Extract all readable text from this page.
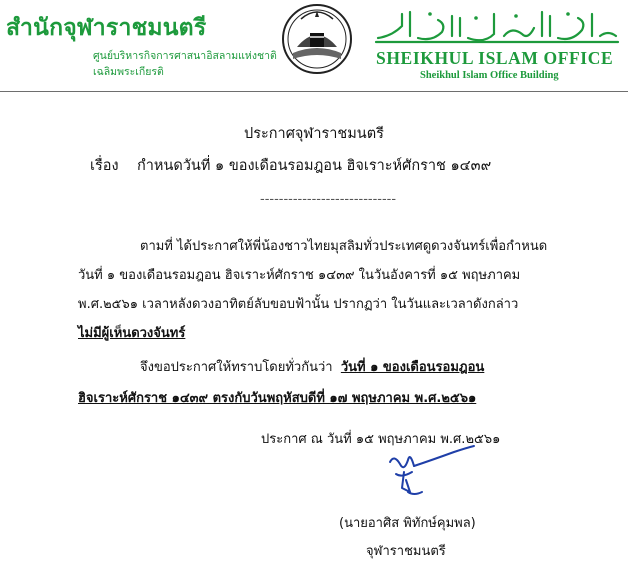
สำนักจุฬาราชมนตรี
ศูนย์บริหารกิจการศาสนาอิสลามแห่งชาติ
เฉลิมพระเกียรติ
SHEIKHUL ISLAM OFFICE
Sheikhul Islam Office Building
ประกาศจุฬาราชมนตรี
เรื่อง กำหนดวันที่ ๑ ของเดือนรอมฎอน ฮิจเราะห์ศักราช ๑๔๓๙
-----------------------------
ตามที่ ได้ประกาศให้พี่น้องชาวไทยมุสลิมทั่วประเทศดูดวงจันทร์เพื่อกำหนด
วันที่ ๑ ของเดือนรอมฎอน ฮิจเราะห์ศักราช ๑๔๓๙ ในวันอังคารที่ ๑๕ พฤษภาคม
พ.ศ.๒๕๖๑ เวลาหลังดวงอาทิตย์ลับขอบฟ้านั้น ปรากฏว่า ในวันและเวลาดังกล่าว
ไม่มีผู้เห็นดวงจันทร์
จึงขอประกาศให้ทราบโดยทั่วกันว่า วันที่ ๑ ของเดือนรอมฎอน
ฮิจเราะห์ศักราช ๑๔๓๙ ตรงกับวันพฤหัสบดีที่ ๑๗ พฤษภาคม พ.ศ.๒๕๖๑
ประกาศ ณ วันที่ ๑๕ พฤษภาคม พ.ศ.๒๕๖๑
(นายอาศิส พิทักษ์คุมพล)
จุฬาราชมนตรี
